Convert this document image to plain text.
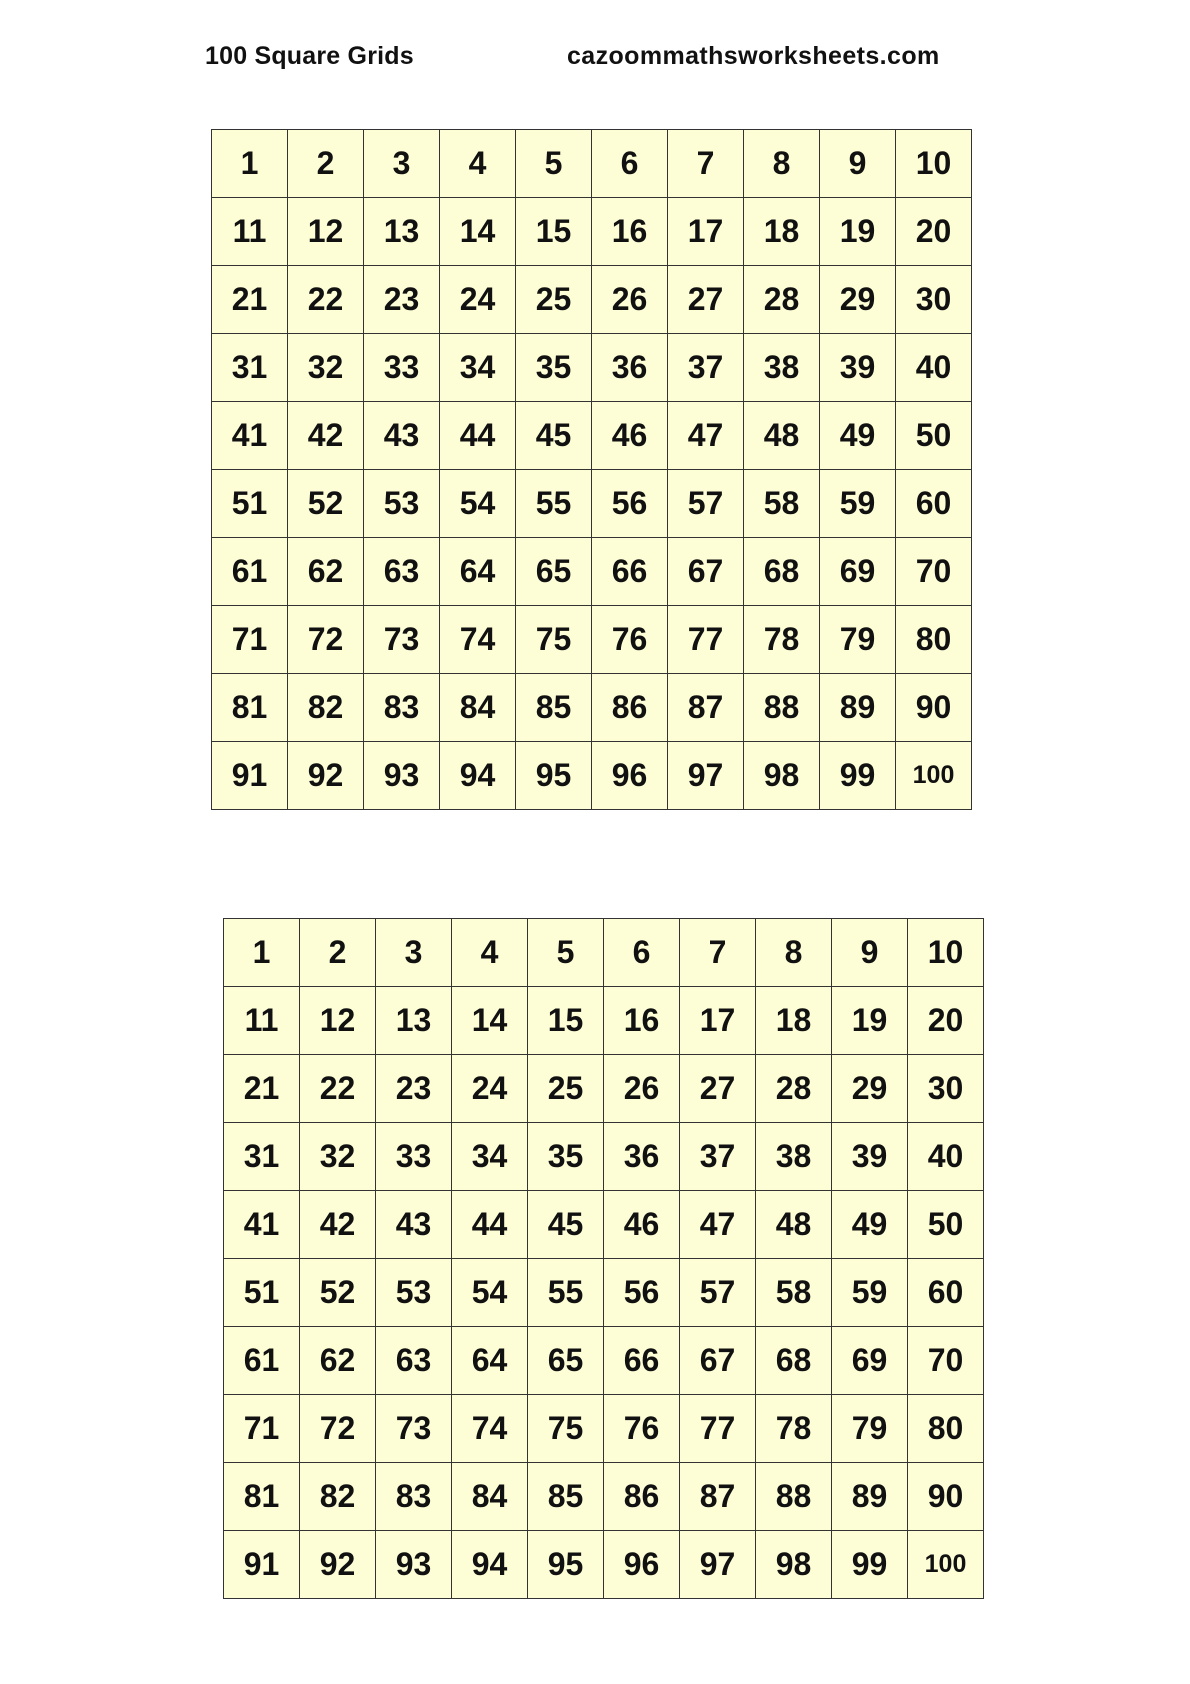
100 Square Grids	cazoommathsworksheets.com
1	2	3	4	5	6	7	8	9	10
11	12	13	14	15	16	17	18	19	20
21	22	23	24	25	26	27	28	29	30
31	32	33	34	35	36	37	38	39	40
41	42	43	44	45	46	47	48	49	50
51	52	53	54	55	56	57	58	59	60
61	62	63	64	65	66	67	68	69	70
71	72	73	74	75	76	77	78	79	80
81	82	83	84	85	86	87	88	89	90
91	92	93	94	95	96	97	98	99	100
1	2	3	4	5	6	7	8	9	10
11	12	13	14	15	16	17	18	19	20
21	22	23	24	25	26	27	28	29	30
31	32	33	34	35	36	37	38	39	40
41	42	43	44	45	46	47	48	49	50
51	52	53	54	55	56	57	58	59	60
61	62	63	64	65	66	67	68	69	70
71	72	73	74	75	76	77	78	79	80
81	82	83	84	85	86	87	88	89	90
91	92	93	94	95	96	97	98	99	100
